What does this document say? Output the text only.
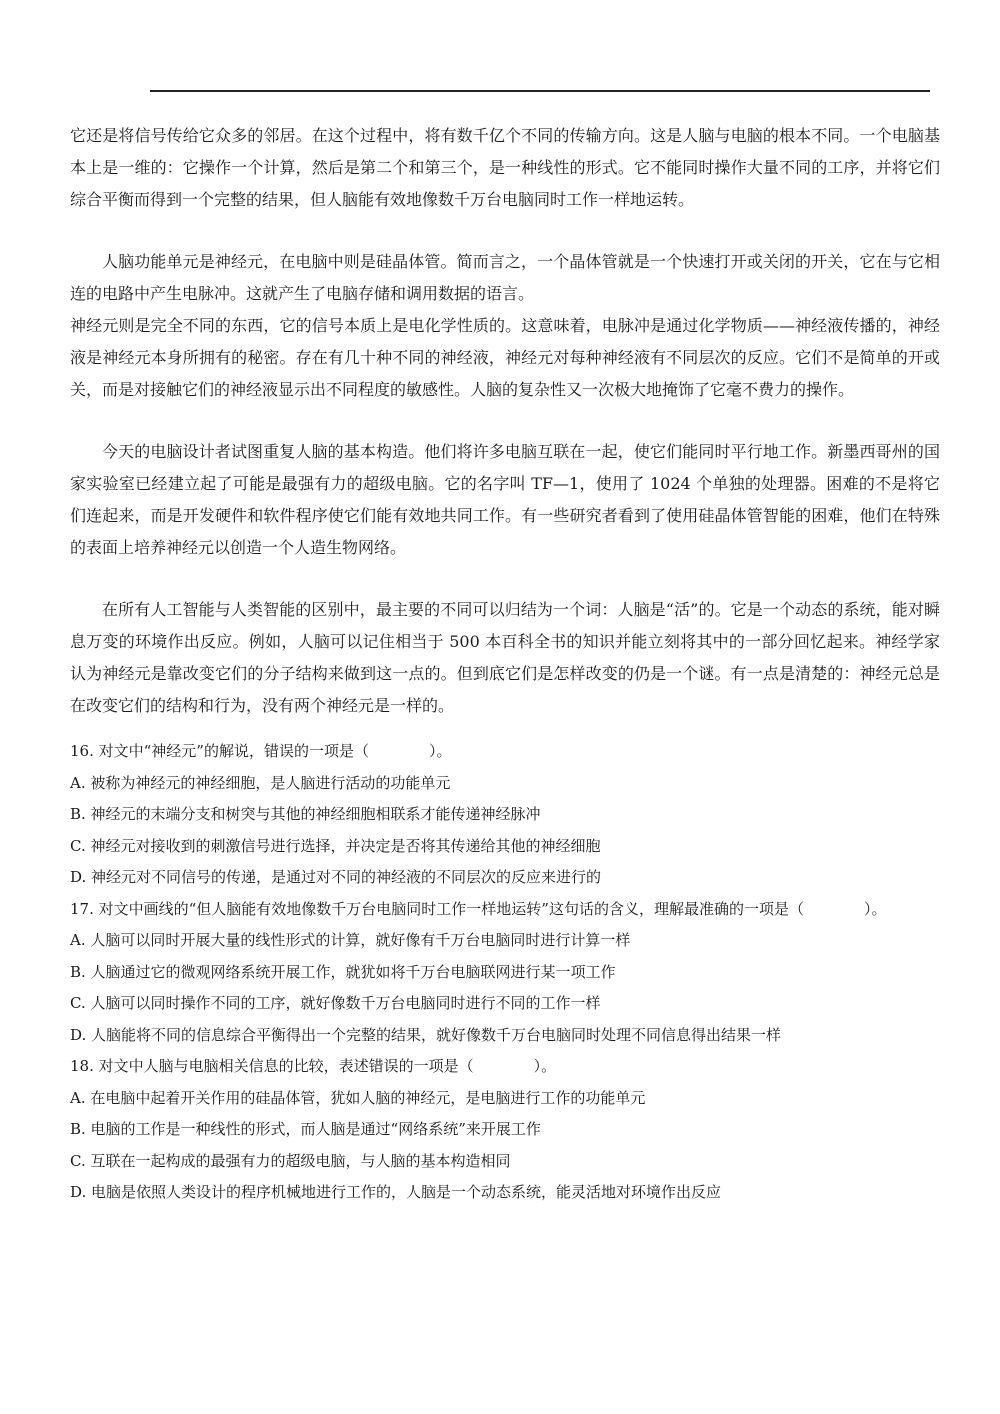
它还是将信号传给它众多的邻居。在这个过程中，将有数千亿个不同的传输方向。这是人脑与电脑的根本不同。一个电脑基本上是一维的：它操作一个计算，然后是第二个和第三个，是一种线性的形式。它不能同时操作大量不同的工序，并将它们综合平衡而得到一个完整的结果，但人脑能有效地像数千万台电脑同时工作一样地运转。

人脑功能单元是神经元，在电脑中则是硅晶体管。简而言之，一个晶体管就是一个快速打开或关闭的开关，它在与它相连的电路中产生电脉冲。这就产生了电脑存储和调用数据的语言。

神经元则是完全不同的东西，它的信号本质上是电化学性质的。这意味着，电脉冲是通过化学物质——神经液传播的，神经液是神经元本身所拥有的秘密。存在有几十种不同的神经液，神经元对每种神经液有不同层次的反应。它们不是简单的开或关，而是对接触它们的神经液显示出不同程度的敏感性。人脑的复杂性又一次极大地掩饰了它毫不费力的操作。

今天的电脑设计者试图重复人脑的基本构造。他们将许多电脑互联在一起，使它们能同时平行地工作。新墨西哥州的国家实验室已经建立起了可能是最强有力的超级电脑。它的名字叫 TF—1，使用了 1024 个单独的处理器。困难的不是将它们连起来，而是开发硬件和软件程序使它们能有效地共同工作。有一些研究者看到了使用硅晶体管智能的困难，他们在特殊的表面上培养神经元以创造一个人造生物网络。

在所有人工智能与人类智能的区别中，最主要的不同可以归结为一个词：人脑是“活”的。它是一个动态的系统，能对瞬息万变的环境作出反应。例如，人脑可以记住相当于 500 本百科全书的知识并能立刻将其中的一部分回忆起来。神经学家认为神经元是靠改变它们的分子结构来做到这一点的。但到底它们是怎样改变的仍是一个谜。有一点是清楚的：神经元总是在改变它们的结构和行为，没有两个神经元是一样的。

16. 对文中“神经元”的解说，错误的一项是（　　　　）。

A. 被称为神经元的神经细胞，是人脑进行活动的功能单元

B. 神经元的末端分支和树突与其他的神经细胞相联系才能传递神经脉冲

C. 神经元对接收到的刺激信号进行选择，并决定是否将其传递给其他的神经细胞

D. 神经元对不同信号的传递，是通过对不同的神经液的不同层次的反应来进行的

17. 对文中画线的“但人脑能有效地像数千万台电脑同时工作一样地运转”这句话的含义，理解最准确的一项是（　　　　）。

A. 人脑可以同时开展大量的线性形式的计算，就好像有千万台电脑同时进行计算一样

B. 人脑通过它的微观网络系统开展工作，就犹如将千万台电脑联网进行某一项工作

C. 人脑可以同时操作不同的工序，就好像数千万台电脑同时进行不同的工作一样

D. 人脑能将不同的信息综合平衡得出一个完整的结果，就好像数千万台电脑同时处理不同信息得出结果一样

18. 对文中人脑与电脑相关信息的比较，表述错误的一项是（　　　　）。

A. 在电脑中起着开关作用的硅晶体管，犹如人脑的神经元，是电脑进行工作的功能单元

B. 电脑的工作是一种线性的形式，而人脑是通过“网络系统”来开展工作

C. 互联在一起构成的最强有力的超级电脑，与人脑的基本构造相同

D. 电脑是依照人类设计的程序机械地进行工作的，人脑是一个动态系统，能灵活地对环境作出反应
